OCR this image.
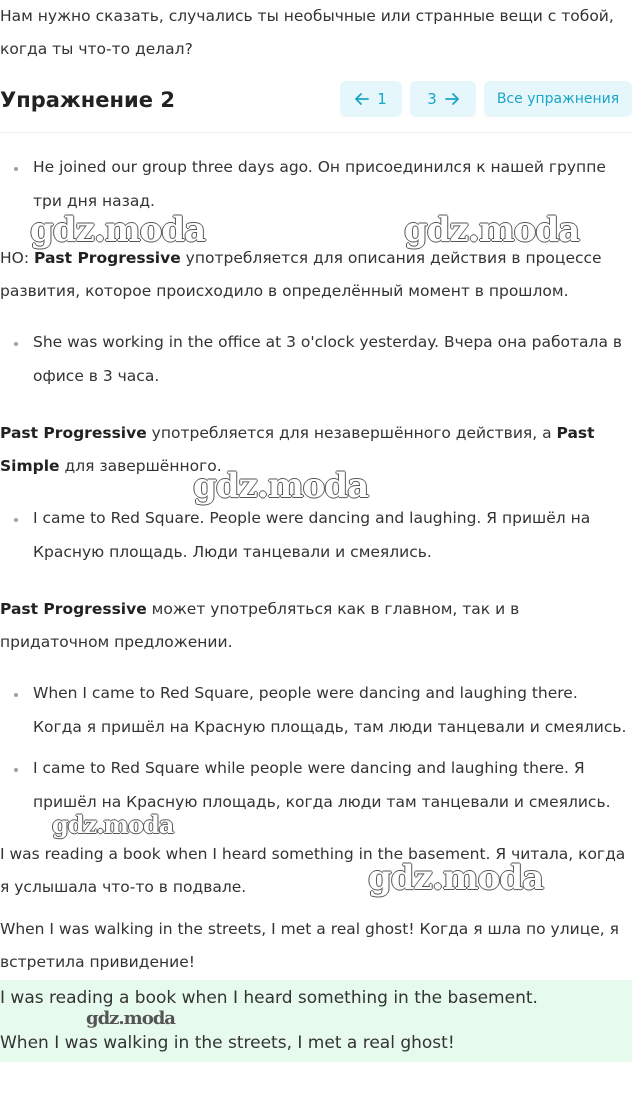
Нам нужно сказать, случались ты необычные или странные вещи с тобой, когда ты что-то делал?

Упражнение 2	1	3	Все упражнения

He joined our group three days ago. Он присоединился к нашей группе три дня назад.

НО: Past Progressive употребляется для описания действия в процессе развития, которое происходило в определённый момент в прошлом.

She was working in the office at 3 o'clock yesterday. Вчера она работала в офисе в 3 часа.

Past Progressive употребляется для незавершённого действия, а Past Simple для завершённого.

I came to Red Square. People were dancing and laughing. Я пришёл на Красную площадь. Люди танцевали и смеялись.

Past Progressive может употребляться как в главном, так и в придаточном предложении.

When I came to Red Square, people were dancing and laughing there. Когда я пришёл на Красную площадь, там люди танцевали и смеялись.

I came to Red Square while people were dancing and laughing there. Я пришёл на Красную площадь, когда люди там танцевали и смеялись.

I was reading a book when I heard something in the basement. Я читала, когда я услышала что-то в подвале.

When I was walking in the streets, I met a real ghost! Когда я шла по улице, я встретила привидение!

I was reading a book when I heard something in the basement.

When I was walking in the streets, I met a real ghost!

gdz.moda	gdz.moda
gdz.moda
gdz.moda
gdz.moda
gdz.moda
